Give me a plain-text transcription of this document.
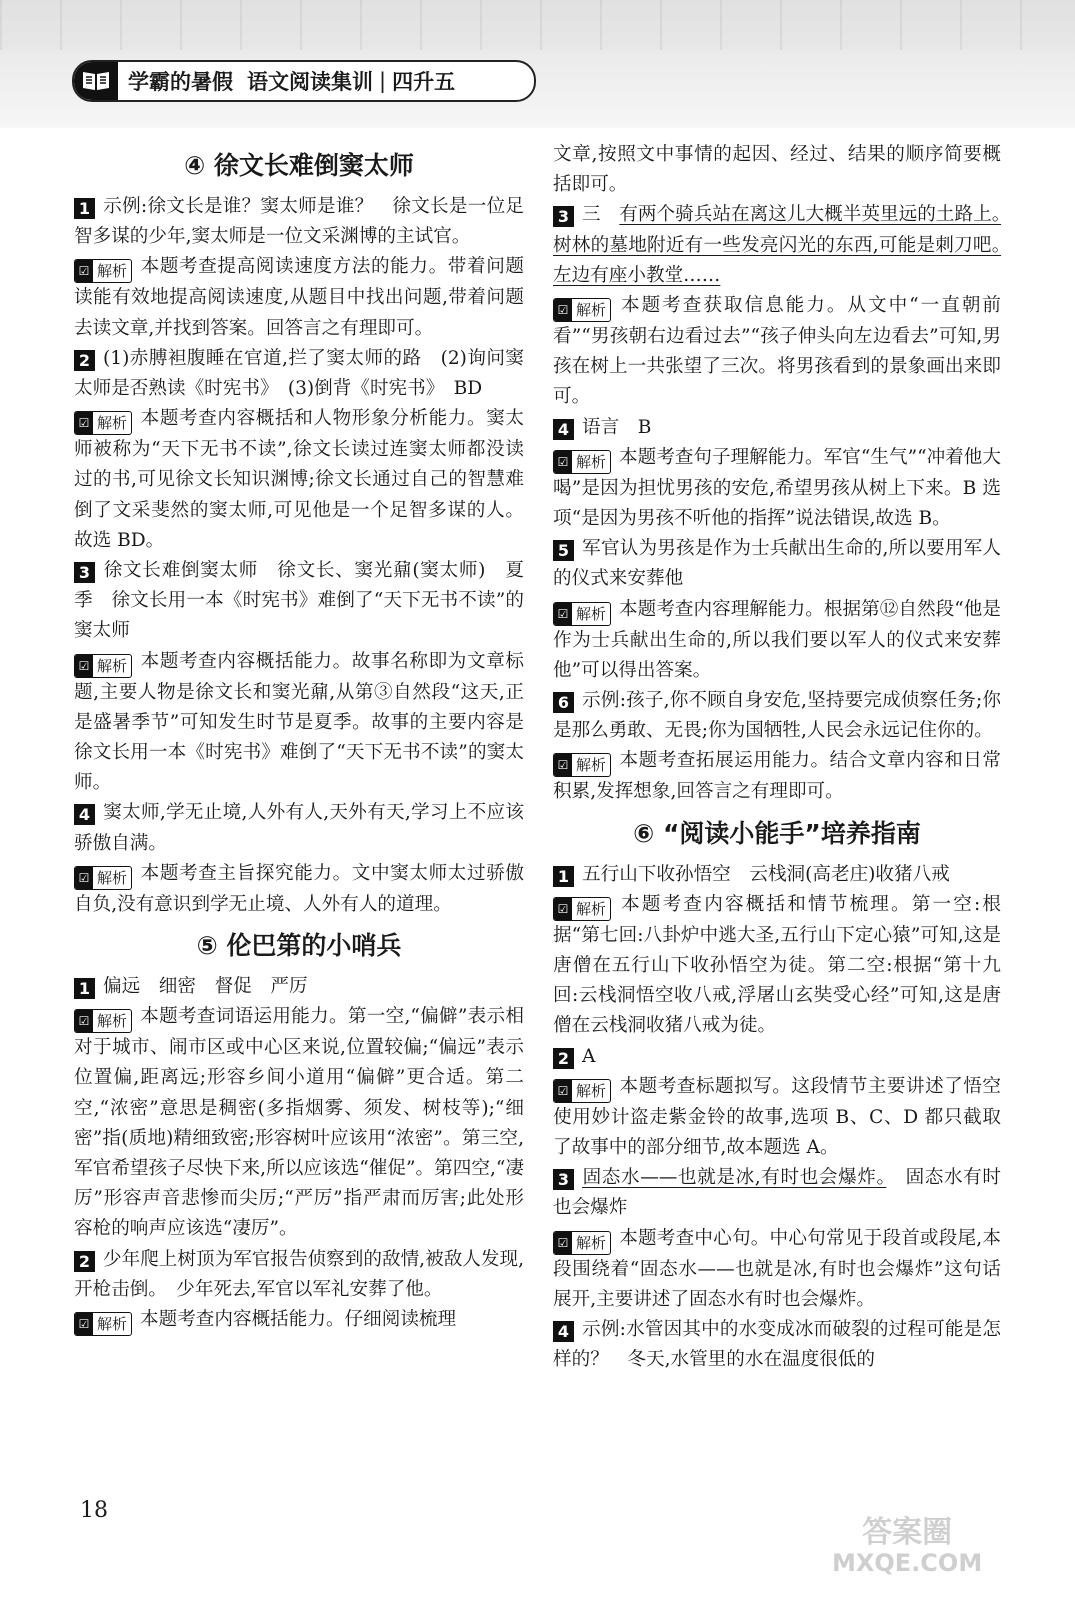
学霸的暑假 语文阅读集训 | 四升五
④ 徐文长难倒窦太师

1 示例:徐文长是谁？窦太师是谁？　徐文长是一位足智多谋的少年,窦太师是一位文采渊博的主试官。

☑ 解析 本题考查提高阅读速度方法的能力。带着问题读能有效地提高阅读速度,从题目中找出问题,带着问题去读文章,并找到答案。回答言之有理即可。

2 (1)赤膊袒腹睡在官道,拦了窦太师的路　(2)询问窦太师是否熟读《时宪书》　(3)倒背《时宪书》　BD

☑ 解析 本题考查内容概括和人物形象分析能力。窦太师被称为“天下无书不读”,徐文长读过连窦太师都没读过的书,可见徐文长知识渊博;徐文长通过自己的智慧难倒了文采斐然的窦太师,可见他是一个足智多谋的人。故选 BD。

3 徐文长难倒窦太师　徐文长、窦光鼐(窦太师)　夏季　徐文长用一本《时宪书》难倒了“天下无书不读”的窦太师

☑ 解析 本题考查内容概括能力。故事名称即为文章标题,主要人物是徐文长和窦光鼐,从第③自然段“这天,正是盛暑季节”可知发生时节是夏季。故事的主要内容是徐文长用一本《时宪书》难倒了“天下无书不读”的窦太师。

4 窦太师,学无止境,人外有人,天外有天,学习上不应该骄傲自满。

☑ 解析 本题考查主旨探究能力。文中窦太师太过骄傲自负,没有意识到学无止境、人外有人的道理。

⑤ 伦巴第的小哨兵

1 偏远　细密　督促　严厉

☑ 解析 本题考查词语运用能力。第一空,“偏僻”表示相对于城市、闹市区或中心区来说,位置较偏;“偏远”表示位置偏,距离远;形容乡间小道用“偏僻”更合适。第二空,“浓密”意思是稠密(多指烟雾、须发、树枝等);“细密”指(质地)精细致密;形容树叶应该用“浓密”。第三空,军官希望孩子尽快下来,所以应该选“催促”。第四空,“凄厉”形容声音悲惨而尖厉;“严厉”指严肃而厉害;此处形容枪的响声应该选“凄厉”。

2 少年爬上树顶为军官报告侦察到的敌情,被敌人发现,开枪击倒。　少年死去,军官以军礼安葬了他。

☑ 解析 本题考查内容概括能力。仔细阅读梳理

文章,按照文中事情的起因、经过、结果的顺序简要概括即可。

3 三　有两个骑兵站在离这儿大概半英里远的土路上。　树林的墓地附近有一些发亮闪光的东西,可能是刺刀吧。　左边有座小教堂……

☑ 解析 本题考查获取信息能力。从文中“一直朝前看”“男孩朝右边看过去”“孩子伸头向左边看去”可知,男孩在树上一共张望了三次。将男孩看到的景象画出来即可。

4 语言　B

☑ 解析 本题考查句子理解能力。军官“生气”“冲着他大喝”是因为担忧男孩的安危,希望男孩从树上下来。B 选项“是因为男孩不听他的指挥”说法错误,故选 B。

5 军官认为男孩是作为士兵献出生命的,所以要用军人的仪式来安葬他

☑ 解析 本题考查内容理解能力。根据第⑫自然段“他是作为士兵献出生命的,所以我们要以军人的仪式来安葬他”可以得出答案。

6 示例:孩子,你不顾自身安危,坚持要完成侦察任务;你是那么勇敢、无畏;你为国牺牲,人民会永远记住你的。

☑ 解析 本题考查拓展运用能力。结合文章内容和日常积累,发挥想象,回答言之有理即可。

⑥ “阅读小能手”培养指南

1 五行山下收孙悟空　云栈洞(高老庄)收猪八戒

☑ 解析 本题考查内容概括和情节梳理。第一空:根据“第七回:八卦炉中逃大圣,五行山下定心猿”可知,这是唐僧在五行山下收孙悟空为徒。第二空:根据“第十九回:云栈洞悟空收八戒,浮屠山玄奘受心经”可知,这是唐僧在云栈洞收猪八戒为徒。

2 A

☑ 解析 本题考查标题拟写。这段情节主要讲述了悟空使用妙计盗走紫金铃的故事,选项 B、C、D 都只截取了故事中的部分细节,故本题选 A。

3 固态水——也就是冰,有时也会爆炸。　固态水有时也会爆炸

☑ 解析 本题考查中心句。中心句常见于段首或段尾,本段围绕着“固态水——也就是冰,有时也会爆炸”这句话展开,主要讲述了固态水有时也会爆炸。

4 示例:水管因其中的水变成冰而破裂的过程可能是怎样的？　冬天,水管里的水在温度很低的

18
答案圈
MXQE.COM
